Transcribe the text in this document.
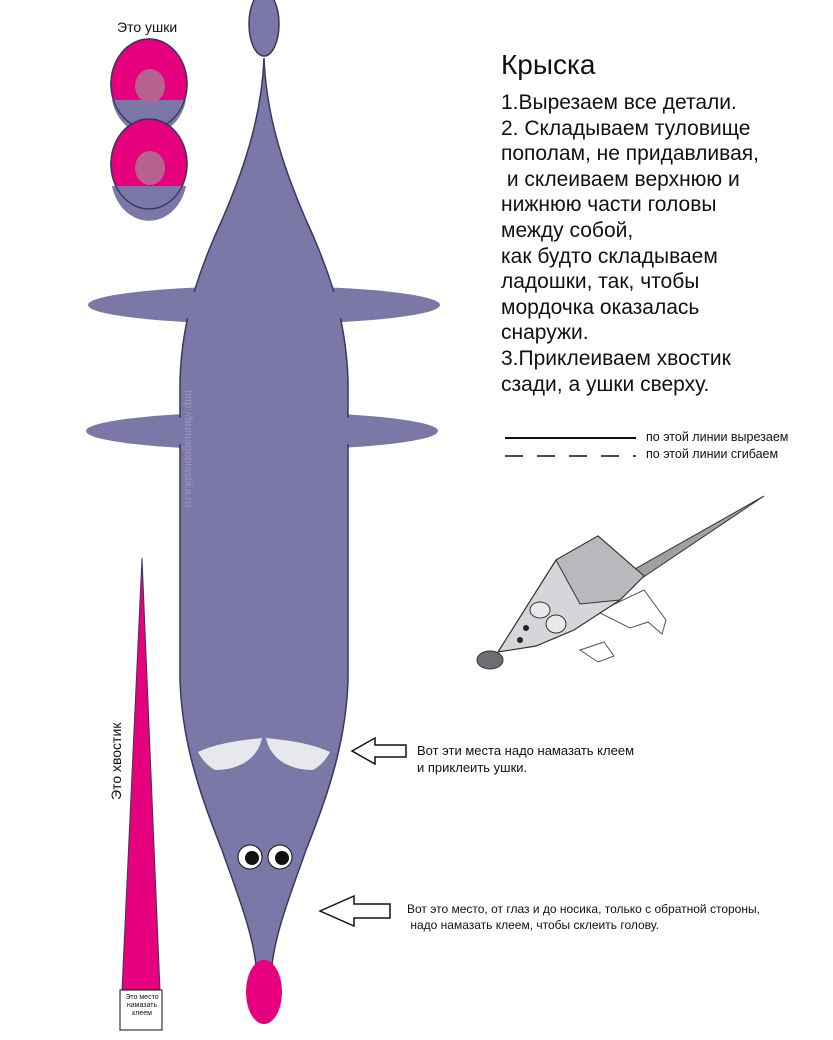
Это ушки
Крыска
1.Вырезаем все детали.
2. Складываем туловище
пополам, не придавливая,
и склеиваем верхнюю и
нижнюю части головы
между собой,
как будто складываем
ладошки, так, чтобы
мордочка оказалась
снаружи.
3.Приклеиваем хвостик
сзади, а ушки сверху.
по этой линии вырезаем
по этой линии сгибаем
Вот эти места надо намазать клеем
и приклеить ушки.
Вот это место, от глаз и до носика, только с обратной стороны,
надо намазать клеем, чтобы склеить голову.
http://bumagoplastika.ru
Это хвостик
Это место намазать клеем
